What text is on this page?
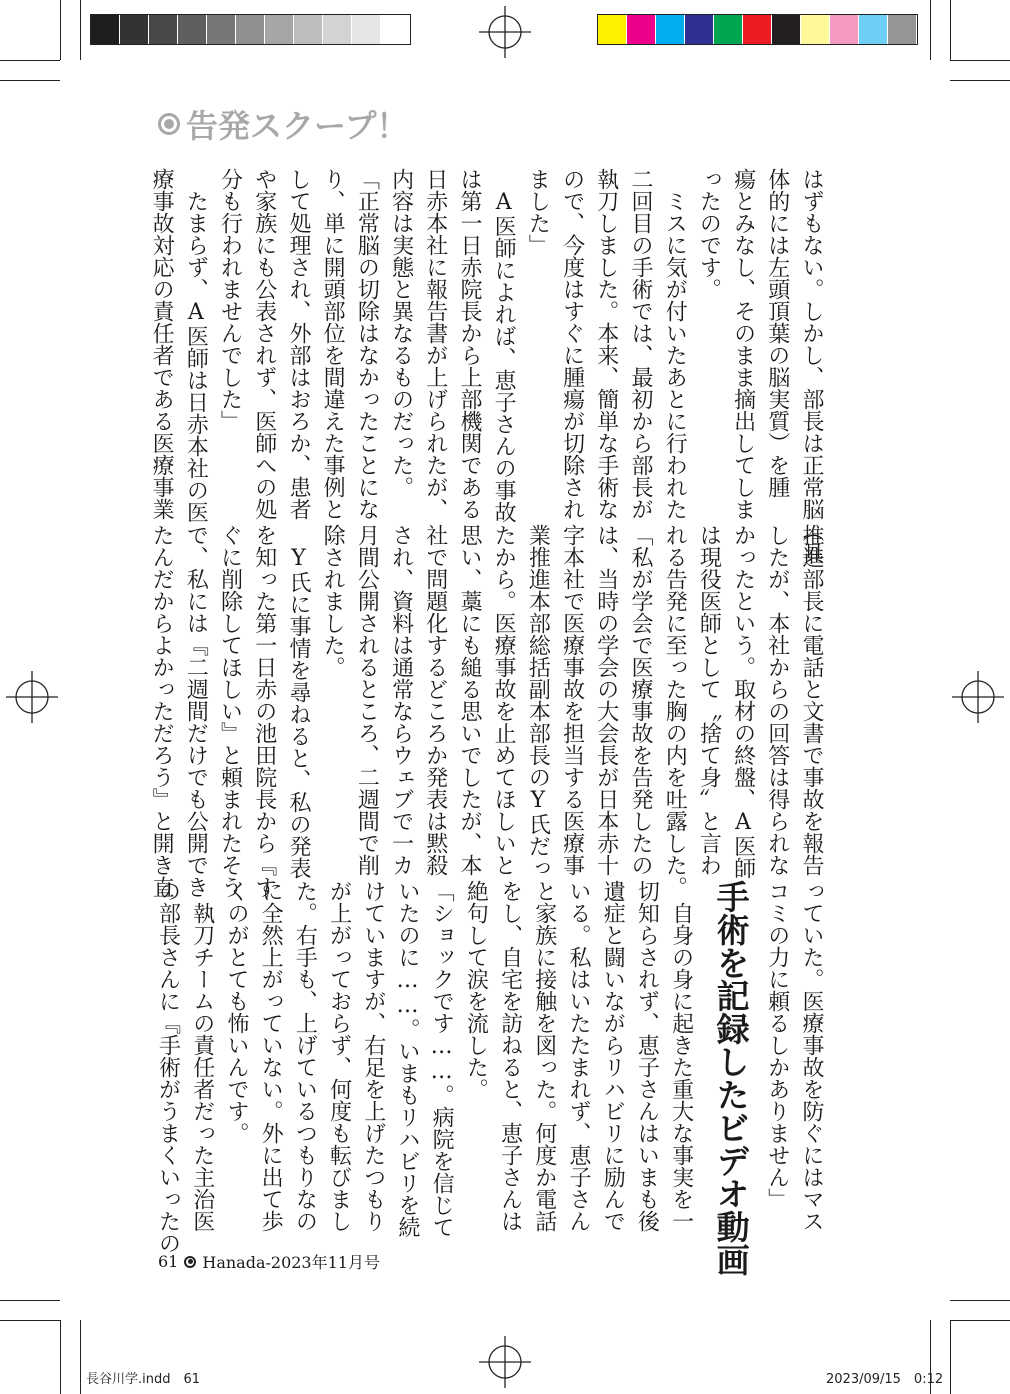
告発スクープ！
はずもない。しかし、部長は正常脳（具
体的には左頭頂葉の脳実質）を腫
瘍とみなし、そのまま摘出してしま
ったのです。
　ミスに気が付いたあとに行われた
二回目の手術では、最初から部長が
執刀しました。本来、簡単な手術な
ので、今度はすぐに腫瘍が切除され
ました」
　A医師によれば、恵子さんの事故
は第一日赤院長から上部機関である
日赤本社に報告書が上げられたが、
内容は実態と異なるものだった。
「正常脳の切除はなかったことにな
り、単に開頭部位を間違えた事例と
して処理され、外部はおろか、患者
や家族にも公表されず、医師への処
分も行われませんでした」
　たまらず、A医師は日赤本社の医
療事故対応の責任者である医療事業
推進部長に電話と文書で事故を報告
したが、本社からの回答は得られな
かったという。取材の終盤、A医師
は現役医師として〝捨て身〟と言わ
れる告発に至った胸の内を吐露した。
「私が学会で医療事故を告発したの
は、当時の学会の大会長が日本赤十
字本社で医療事故を担当する医療事
業推進本部総括副本部長のY氏だっ
たから。医療事故を止めてほしいと
思い、藁にも縋る思いでしたが、本
社で問題化するどころか発表は黙殺
され、資料は通常ならウェブで一カ
月間公開されるところ、二週間で削
除されました。
　Y氏に事情を尋ねると、私の発表
を知った第一日赤の池田院長から『す
ぐに削除してほしい』と頼まれたそう
で、私には『二週間だけでも公開でき
たんだからよかっただろう』と開き直
っていた。医療事故を防ぐにはマス
コミの力に頼るしかありません」
手術を記録したビデオ動画
　自身の身に起きた重大な事実を一
切知らされず、恵子さんはいまも後
遺症と闘いながらリハビリに励んで
いる。私はいたたまれず、恵子さん
と家族に接触を図った。何度か電話
をし、自宅を訪ねると、恵子さんは
絶句して涙を流した。
「ショックです……。病院を信じて
いたのに……。いまもリハビリを続
けていますが、右足を上げたつもり
が上がっておらず、何度も転びまし
た。右手も、上げているつもりなの
に全然上がっていない。外に出て歩
くのがとても怖いんです。
　執刀チームの責任者だった主治医
の部長さんに『手術がうまくいったの
61 Hanada-2023年11月号
長谷川学.indd　61	2023/09/15　0:12
